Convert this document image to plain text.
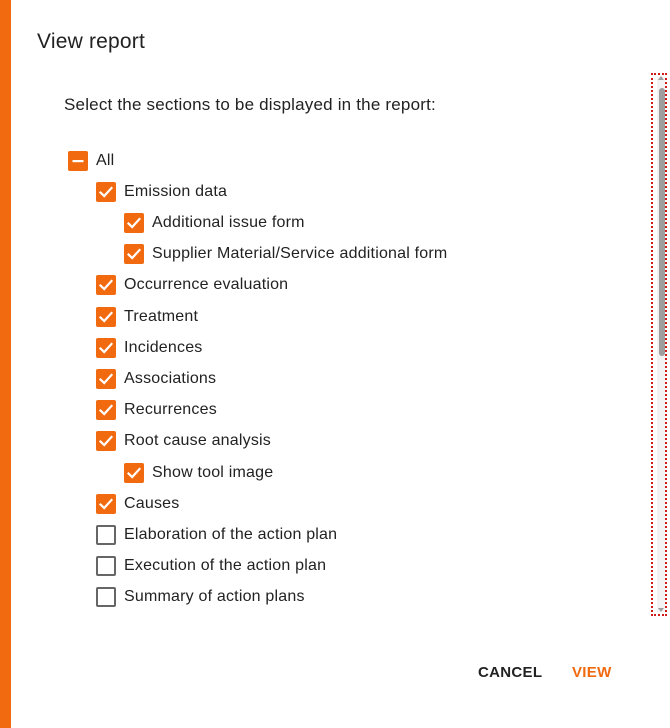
View report
Select the sections to be displayed in the report:
All
Emission data
Additional issue form
Supplier Material/Service additional form
Occurrence evaluation
Treatment
Incidences
Associations
Recurrences
Root cause analysis
Show tool image
Causes
Elaboration of the action plan
Execution of the action plan
Summary of action plans
CANCEL	VIEW
